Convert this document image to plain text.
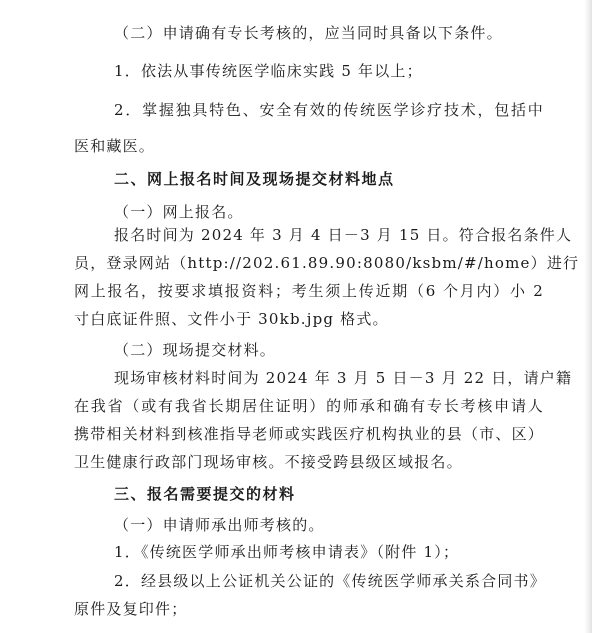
（二）申请确有专长考核的，应当同时具备以下条件。
1．依法从事传统医学临床实践 5 年以上；
2．掌握独具特色、安全有效的传统医学诊疗技术，包括中
医和藏医。
二、网上报名时间及现场提交材料地点
（一）网上报名。
报名时间为 2024 年 3 月 4 日－3 月 15 日。符合报名条件人
员，登录网站（http://202.61.89.90:8080/ksbm/#/home）进行
网上报名，按要求填报资料；考生须上传近期（6 个月内）小 2
寸白底证件照、文件小于 30kb.jpg 格式。
（二）现场提交材料。
现场审核材料时间为 2024 年 3 月 5 日－3 月 22 日，请户籍
在我省（或有我省长期居住证明）的师承和确有专长考核申请人
携带相关材料到核准指导老师或实践医疗机构执业的县（市、区）
卫生健康行政部门现场审核。不接受跨县级区域报名。
三、报名需要提交的材料
（一）申请师承出师考核的。
1．《传统医学师承出师考核申请表》（附件 1）；
2．经县级以上公证机关公证的《传统医学师承关系合同书》
原件及复印件；
